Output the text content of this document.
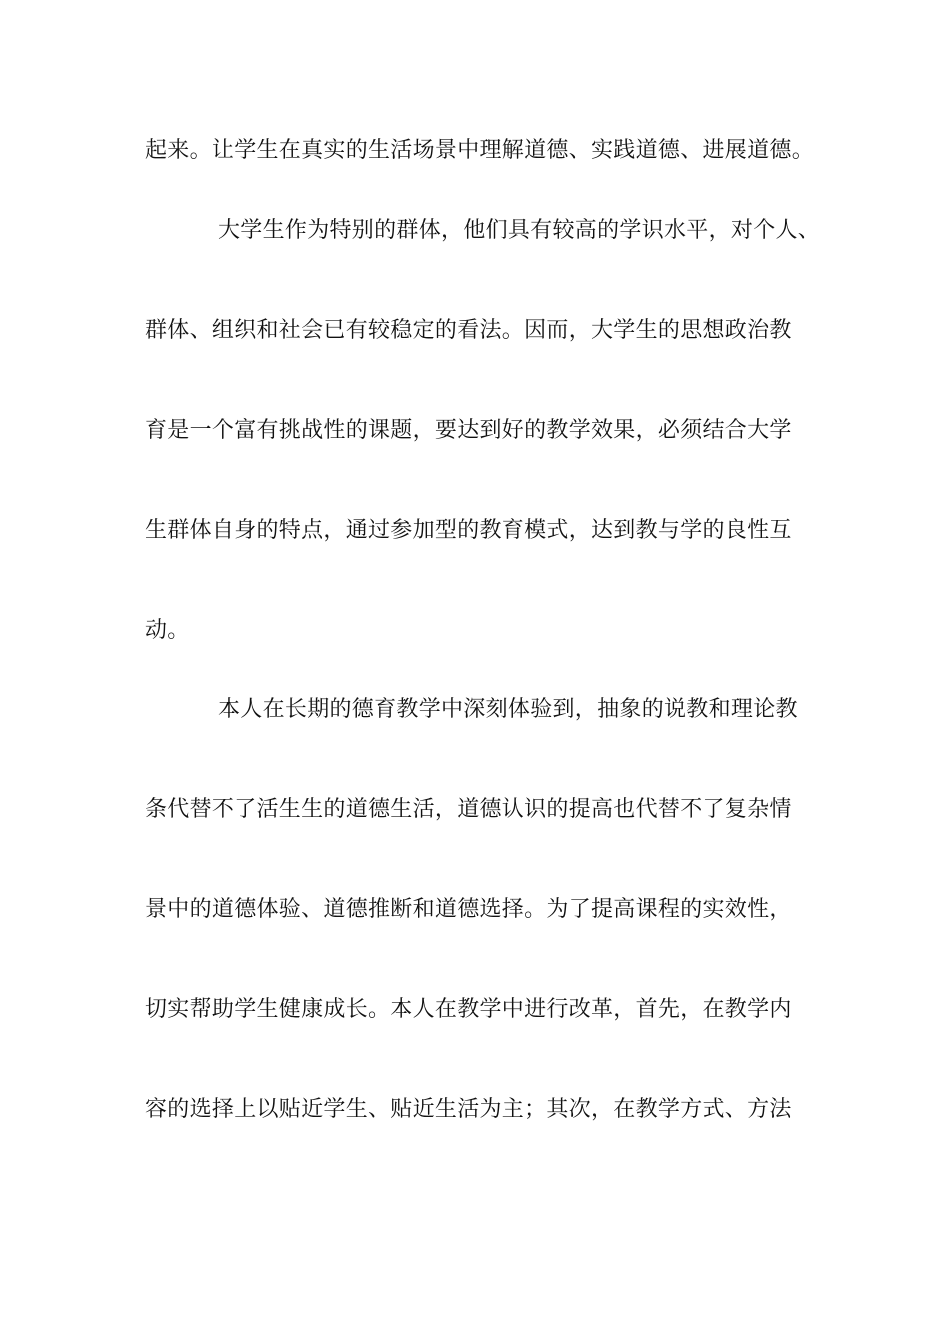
起来。让学生在真实的生活场景中理解道德、实践道德、进展道德。
大学生作为特别的群体，他们具有较高的学识水平，对个人、
群体、组织和社会已有较稳定的看法。因而，大学生的思想政治教
育是一个富有挑战性的课题，要达到好的教学效果，必须结合大学
生群体自身的特点，通过参加型的教育模式，达到教与学的良性互
动。
本人在长期的德育教学中深刻体验到，抽象的说教和理论教
条代替不了活生生的道德生活，道德认识的提高也代替不了复杂情
景中的道德体验、道德推断和道德选择。为了提高课程的实效性，
切实帮助学生健康成长。本人在教学中进行改革，首先，在教学内
容的选择上以贴近学生、贴近生活为主；其次，在教学方式、方法
